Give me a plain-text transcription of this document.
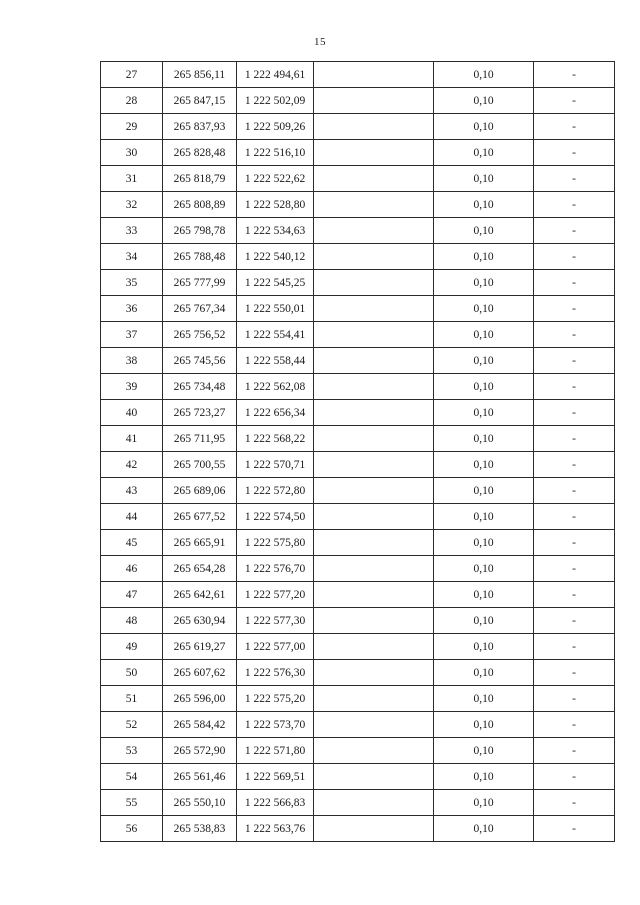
15
27	265 856,11	1 222 494,61		0,10	-
28	265 847,15	1 222 502,09		0,10	-
29	265 837,93	1 222 509,26		0,10	-
30	265 828,48	1 222 516,10		0,10	-
31	265 818,79	1 222 522,62		0,10	-
32	265 808,89	1 222 528,80		0,10	-
33	265 798,78	1 222 534,63		0,10	-
34	265 788,48	1 222 540,12		0,10	-
35	265 777,99	1 222 545,25		0,10	-
36	265 767,34	1 222 550,01		0,10	-
37	265 756,52	1 222 554,41		0,10	-
38	265 745,56	1 222 558,44		0,10	-
39	265 734,48	1 222 562,08		0,10	-
40	265 723,27	1 222 656,34		0,10	-
41	265 711,95	1 222 568,22		0,10	-
42	265 700,55	1 222 570,71		0,10	-
43	265 689,06	1 222 572,80		0,10	-
44	265 677,52	1 222 574,50		0,10	-
45	265 665,91	1 222 575,80		0,10	-
46	265 654,28	1 222 576,70		0,10	-
47	265 642,61	1 222 577,20		0,10	-
48	265 630,94	1 222 577,30		0,10	-
49	265 619,27	1 222 577,00		0,10	-
50	265 607,62	1 222 576,30		0,10	-
51	265 596,00	1 222 575,20		0,10	-
52	265 584,42	1 222 573,70		0,10	-
53	265 572,90	1 222 571,80		0,10	-
54	265 561,46	1 222 569,51		0,10	-
55	265 550,10	1 222 566,83		0,10	-
56	265 538,83	1 222 563,76		0,10	-
